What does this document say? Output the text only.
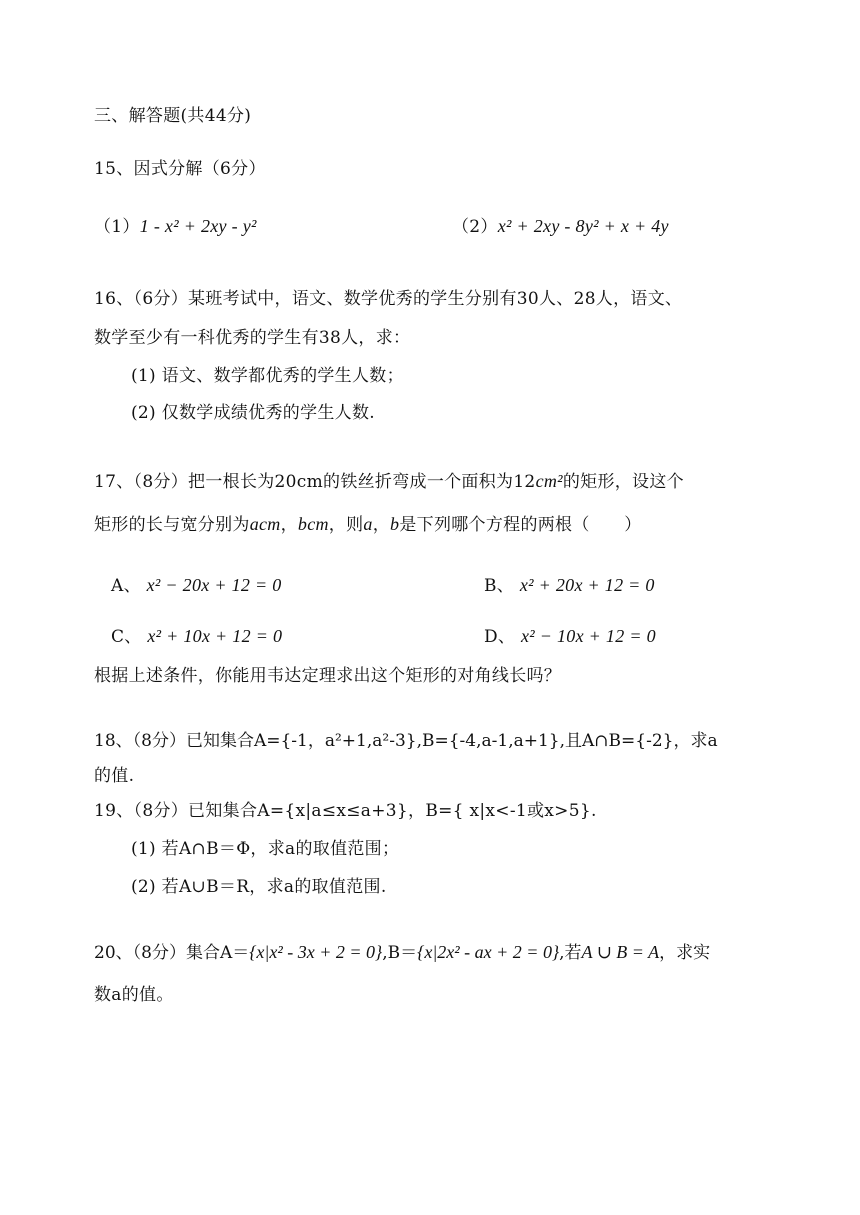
三、解答题(共44分)
15、因式分解（6分）
（1）1 - x² + 2xy - y²	（2）x² + 2xy - 8y² + x + 4y
16、（6分）某班考试中，语文、数学优秀的学生分别有30人、28人，语文、
数学至少有一科优秀的学生有38人，求：
(1) 语文、数学都优秀的学生人数；
(2) 仅数学成绩优秀的学生人数.
17、（8分）把一根长为20cm的铁丝折弯成一个面积为12cm²的矩形，设这个
矩形的长与宽分别为acm，bcm，则a，b是下列哪个方程的两根（　　）
A、 x² − 20x + 12 = 0	B、 x² + 20x + 12 = 0
C、 x² + 10x + 12 = 0	D、 x² − 10x + 12 = 0
根据上述条件，你能用韦达定理求出这个矩形的对角线长吗？
18、（8分）已知集合A={-1，a²+1,a²-3},B={-4,a-1,a+1},且A∩B={-2}，求a
的值.
19、（8分）已知集合A={x|a≤x≤a+3}，B={ x|x<-1或x>5}.
(1) 若A∩B＝Φ，求a的取值范围；
(2) 若A∪B＝R，求a的取值范围.
20、（8分）集合A＝{x|x² - 3x + 2 = 0},B＝{x|2x² - ax + 2 = 0},若A ∪ B = A，求实
数a的值。
